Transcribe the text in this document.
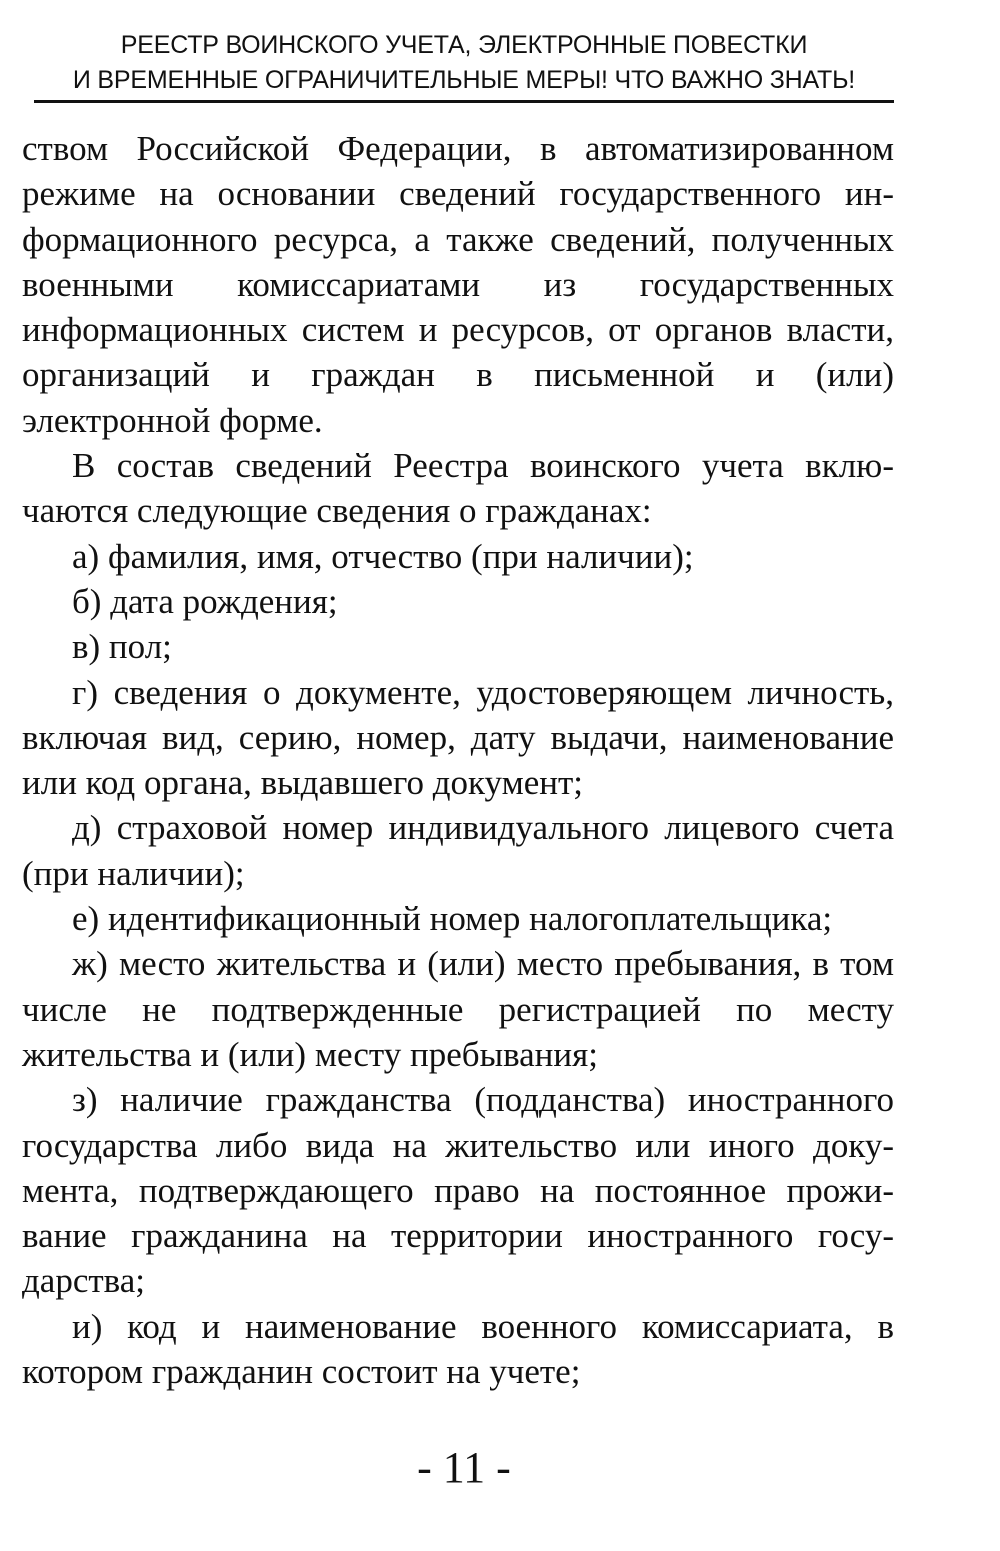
РЕЕСТР ВОИНСКОГО УЧЕТА, ЭЛЕКТРОННЫЕ ПОВЕСТКИ
И ВРЕМЕННЫЕ ОГРАНИЧИТЕЛЬНЫЕ МЕРЫ! ЧТО ВАЖНО ЗНАТЬ!

ством Российской Федерации, в автоматизированном режиме на основании сведений государственного информационного ресурса, а также сведений, полученных военными комиссариатами из государственных информационных систем и ресурсов, от органов власти, организаций и граждан в письменной и (или) электронной форме.

В состав сведений Реестра воинского учета включаются следующие сведения о гражданах:

а) фамилия, имя, отчество (при наличии);

б) дата рождения;

в) пол;

г) сведения о документе, удостоверяющем личность, включая вид, серию, номер, дату выдачи, наименование или код органа, выдавшего документ;

д) страховой номер индивидуального лицевого счета (при наличии);

е) идентификационный номер налогоплательщика;

ж) место жительства и (или) место пребывания, в том числе не подтвержденные регистрацией по месту жительства и (или) месту пребывания;

з) наличие гражданства (подданства) иностранного государства либо вида на жительство или иного документа, подтверждающего право на постоянное проживание гражданина на территории иностранного государства;

и) код и наименование военного комиссариата, в котором гражданин состоит на учете;

- 11 -
